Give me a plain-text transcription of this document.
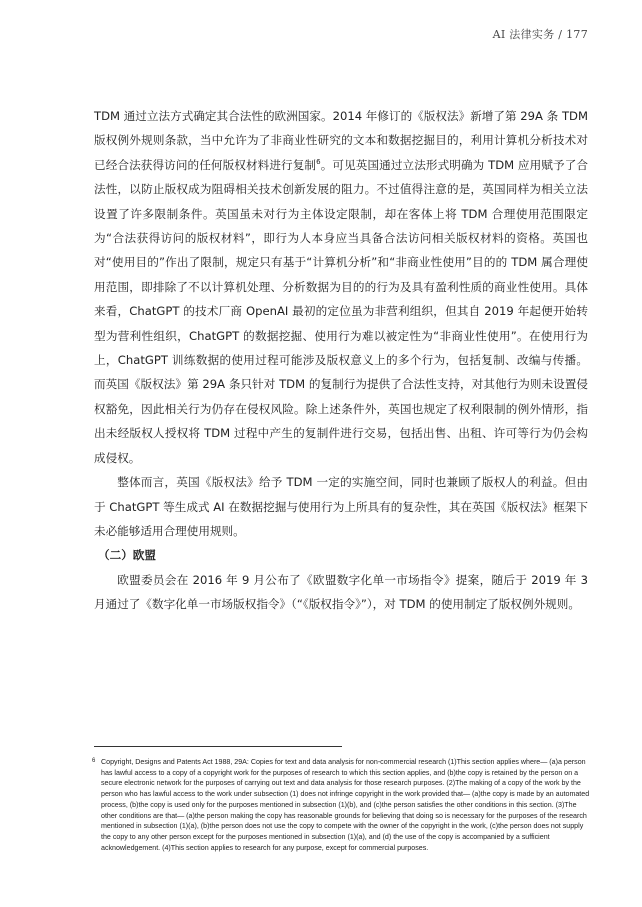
AI 法律实务 / 177

TDM 通过立法方式确定其合法性的欧洲国家。2014 年修订的《版权法》新增了第 29A 条 TDM 版权例外规则条款，当中允许为了非商业性研究的文本和数据挖掘目的，利用计算机分析技术对已经合法获得访问的任何版权材料进行复制$^6$。可见英国通过立法形式明确为 TDM 应用赋予了合法性，以防止版权成为阻碍相关技术创新发展的阻力。不过值得注意的是，英国同样为相关立法设置了许多限制条件。英国虽未对行为主体设定限制，却在客体上将 TDM 合理使用范围限定为“合法获得访问的版权材料”，即行为人本身应当具备合法访问相关版权材料的资格。英国也对“使用目的”作出了限制，规定只有基于“计算机分析”和“非商业性使用”目的的 TDM 属合理使用范围，即排除了不以计算机处理、分析数据为目的的行为及具有盈利性质的商业性使用。具体来看，ChatGPT 的技术厂商 OpenAI 最初的定位虽为非营利组织，但其自 2019 年起便开始转型为营利性组织，ChatGPT 的数据挖掘、使用行为难以被定性为“非商业性使用”。在使用行为上，ChatGPT 训练数据的使用过程可能涉及版权意义上的多个行为，包括复制、改编与传播。而英国《版权法》第 29A 条只针对 TDM 的复制行为提供了合法性支持，对其他行为则未设置侵权豁免，因此相关行为仍存在侵权风险。除上述条件外，英国也规定了权利限制的例外情形，指出未经版权人授权将 TDM 过程中产生的复制件进行交易，包括出售、出租、许可等行为仍会构成侵权。

整体而言，英国《版权法》给予 TDM 一定的实施空间，同时也兼顾了版权人的利益。但由于 ChatGPT 等生成式 AI 在数据挖掘与使用行为上所具有的复杂性，其在英国《版权法》框架下未必能够适用合理使用规则。

（二）欧盟

欧盟委员会在 2016 年 9 月公布了《欧盟数字化单一市场指令》提案，随后于 2019 年 3 月通过了《数字化单一市场版权指令》（“《版权指令》”），对 TDM 的使用制定了版权例外规则。

6 Copyright, Designs and Patents Act 1988, 29A: Copies for text and data analysis for non-commercial research (1)This section applies where— (a)a person has lawful access to a copy of a copyright work for the purposes of research to which this section applies, and (b)the copy is retained by the person on a secure electronic network for the purposes of carrying out text and data analysis for those research purposes. (2)The making of a copy of the work by the person who has lawful access to the work under subsection (1) does not infringe copyright in the work provided that— (a)the copy is made by an automated process, (b)the copy is used only for the purposes mentioned in subsection (1)(b), and (c)the person satisfies the other conditions in this section. (3)The other conditions are that— (a)the person making the copy has reasonable grounds for believing that doing so is necessary for the purposes of the research mentioned in subsection (1)(a), (b)the person does not use the copy to compete with the owner of the copyright in the work, (c)the person does not supply the copy to any other person except for the purposes mentioned in subsection (1)(a), and (d) the use of the copy is accompanied by a sufficient acknowledgement. (4)This section applies to research for any purpose, except for commercial purposes.
